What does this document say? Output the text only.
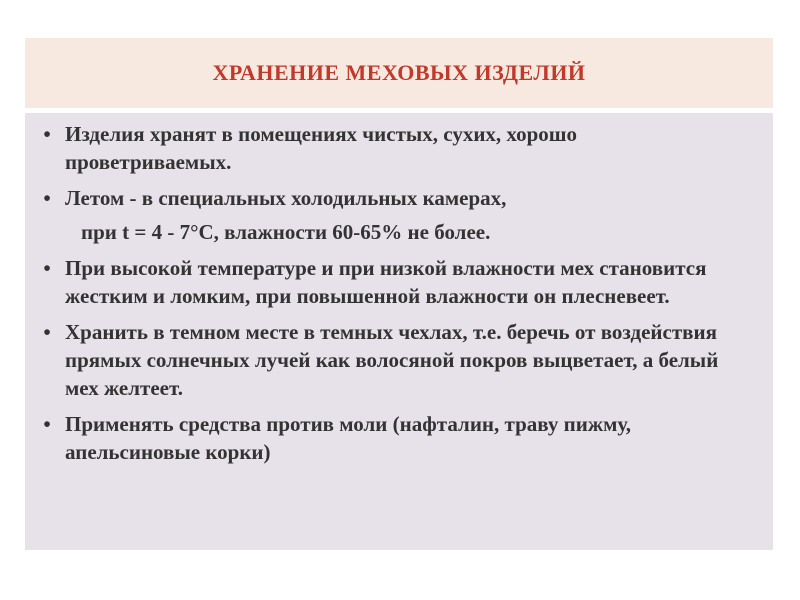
ХРАНЕНИЕ МЕХОВЫХ ИЗДЕЛИЙ
• Изделия хранят в помещениях чистых, сухих, хорошо проветриваемых.
• Летом - в специальных холодильных камерах,
при t = 4 - 7°С, влажности 60-65% не более.
• При высокой температуре и при низкой влажности мех становится жестким и ломким, при повышенной влажности он плесневеет.
• Хранить в темном месте в темных чехлах, т.е. беречь от воздействия прямых солнечных лучей как волосяной покров выцветает, а белый мех желтеет.
• Применять средства против моли (нафталин, траву пижму, апельсиновые корки)
